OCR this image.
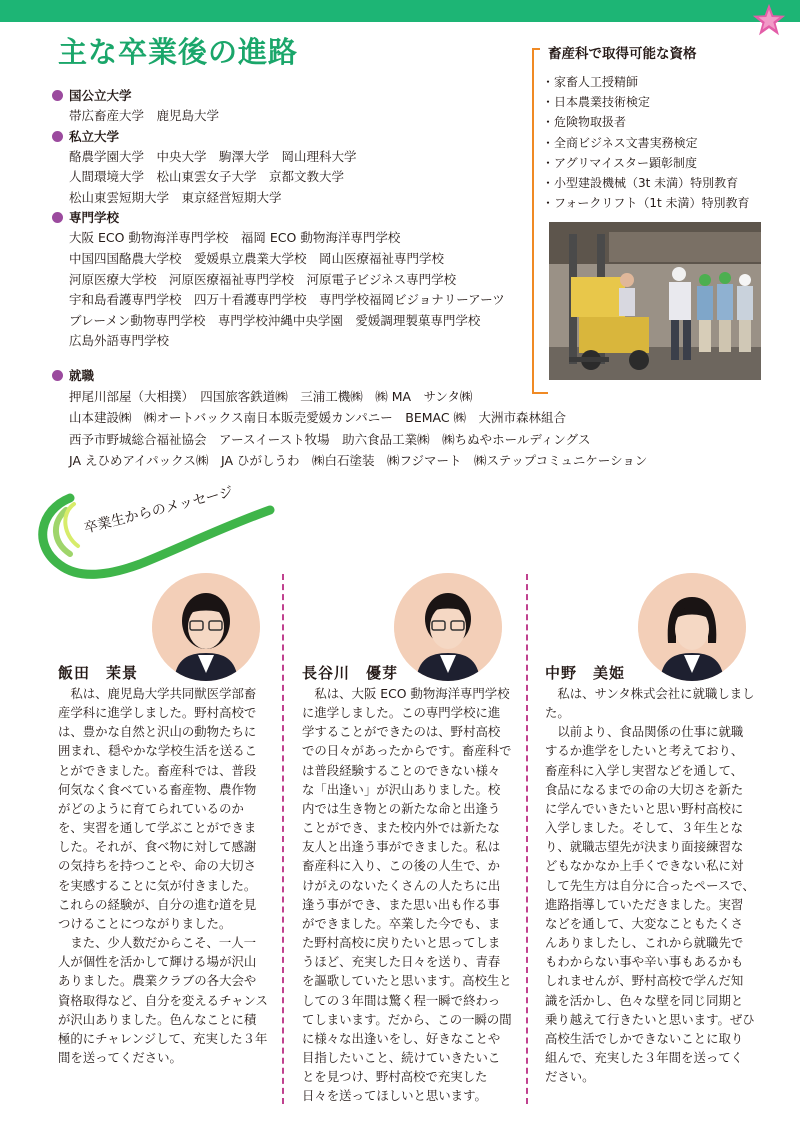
主な卒業後の進路
国公立大学
帯広畜産大学　鹿児島大学
私立大学
酪農学園大学　中央大学　駒澤大学　岡山理科大学
人間環境大学　松山東雲女子大学　京都文教大学
松山東雲短期大学　東京経営短期大学
専門学校
大阪 ECO 動物海洋専門学校　福岡 ECO 動物海洋専門学校
中国四国酪農大学校　愛媛県立農業大学校　岡山医療福祉専門学校
河原医療大学校　河原医療福祉専門学校　河原電子ビジネス専門学校
宇和島看護専門学校　四万十看護専門学校　専門学校福岡ビジョナリーアーツ
ブレーメン動物専門学校　専門学校沖縄中央学園　愛媛調理製菓専門学校
広島外語専門学校
就職
押尾川部屋（大相撲）　四国旅客鉄道㈱　三浦工機㈱　㈱ MA　サンタ㈱
山本建設㈱　㈱オートバックス南日本販売愛媛カンパニー　BEMAC ㈱　大洲市森林組合
西予市野城総合福祉協会　アースイースト牧場　助六食品工業㈱　㈱ちぬやホールディングス
JA えひめアイパックス㈱　JA ひがしうわ　㈱白石塗装　㈱フジマート　㈱ステップコミュニケーション
畜産科で取得可能な資格
・家畜人工授精師
・日本農業技術検定
・危険物取扱者
・全商ビジネス文書実務検定
・アグリマイスター顕彰制度
・小型建設機械（3t 未満）特別教育
・フォークリフト（1t 未満）特別教育
卒業生からのメッセージ
飯田　茉景

私は、鹿児島大学共同獣医学部畜産学科に進学しました。野村高校では、豊かな自然と沢山の動物たちに囲まれ、穏やかな学校生活を送ることができました。畜産科では、普段何気なく食べている畜産物、農作物がどのように育てられているのかを、実習を通して学ぶことができました。それが、食べ物に対して感謝の気持ちを持つことや、命の大切さを実感することに気が付きました。これらの経験が、自分の進む道を見つけることにつながりました。

また、少人数だからこそ、一人一人が個性を活かして輝ける場が沢山ありました。農業クラブの各大会や資格取得など、自分を変えるチャンスが沢山ありました。色んなことに積極的にチャレンジして、充実した３年間を送ってください。

長谷川　優芽

私は、大阪 ECO 動物海洋専門学校に進学しました。この専門学校に進学することができたのは、野村高校での日々があったからです。畜産科では普段経験することのできない様々な「出逢い」が沢山ありました。校内では生き物との新たな命と出逢うことができ、また校内外では新たな友人と出逢う事ができました。私は畜産科に入り、この後の人生で、かけがえのないたくさんの人たちに出逢う事ができ、また思い出も作る事ができました。卒業した今でも、また野村高校に戻りたいと思ってしまうほど、充実した日々を送り、青春を謳歌していたと思います。高校生としての３年間は驚く程一瞬で終わってしまいます。だから、この一瞬の間に様々な出逢いをし、好きなことや目指したいこと、続けていきたいことを見つけ、野村高校で充実した日々を送ってほしいと思います。

中野　美姫

私は、サンタ株式会社に就職しました。

以前より、食品関係の仕事に就職するか進学をしたいと考えており、畜産科に入学し実習などを通して、食品になるまでの命の大切さを新たに学んでいきたいと思い野村高校に入学しました。そして、３年生となり、就職志望先が決まり面接練習などもなかなか上手くできない私に対して先生方は自分に合ったペースで、進路指導していただきました。実習などを通して、大変なこともたくさんありましたし、これから就職先でもわからない事や辛い事もあるかもしれませんが、野村高校で学んだ知識を活かし、色々な壁を同じ同期と乗り越えて行きたいと思います。ぜひ高校生活でしかできないことに取り組んで、充実した３年間を送ってください。
